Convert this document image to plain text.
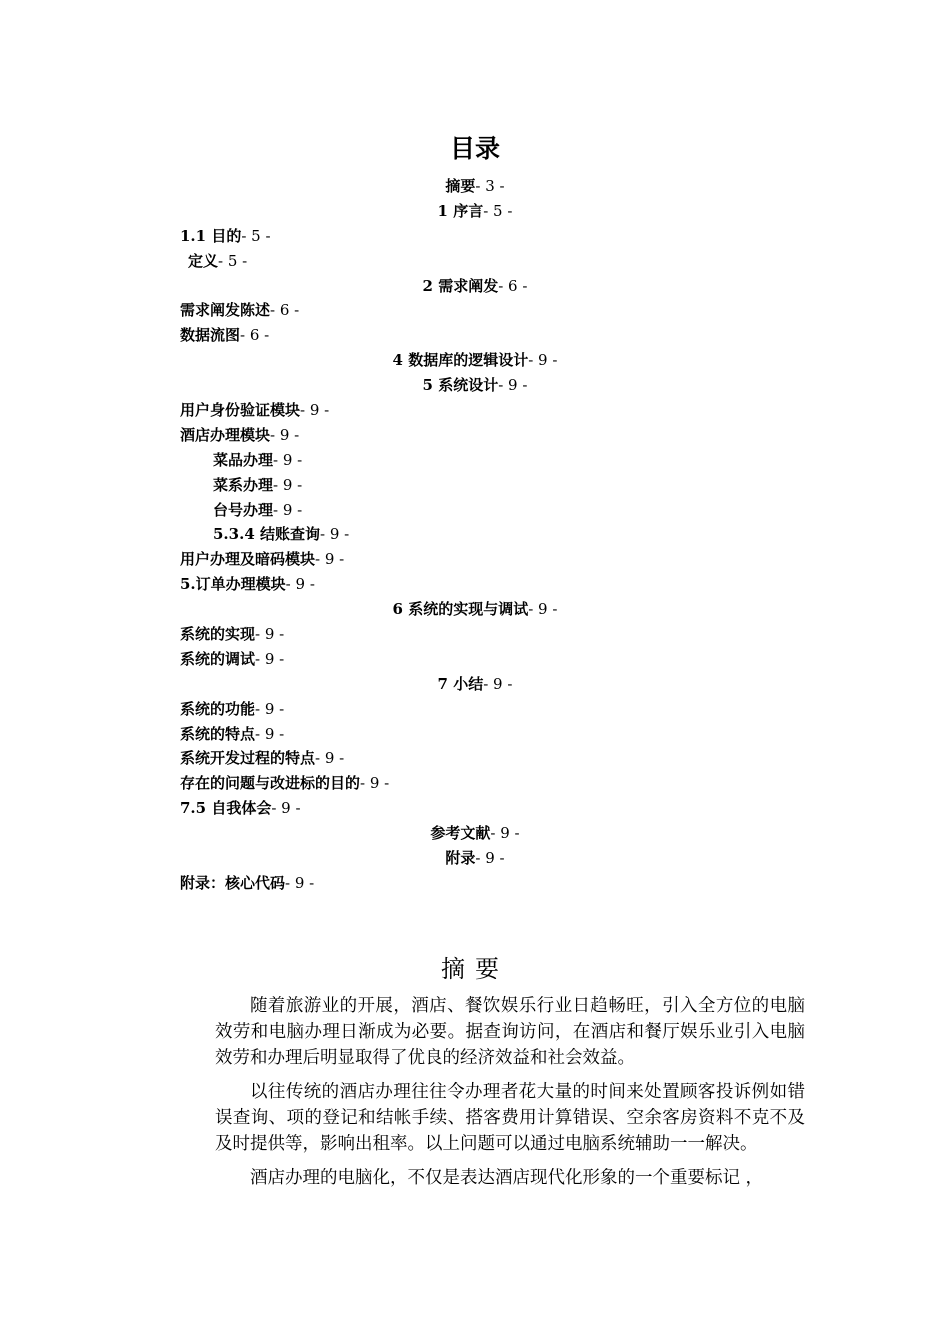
目录
摘要- 3 -
1 序言- 5 -
1.1 目的- 5 -
定义- 5 -
2 需求阐发- 6 -
需求阐发陈述- 6 -
数据流图- 6 -
4 数据库的逻辑设计- 9 -
5 系统设计- 9 -
用户身份验证模块- 9 -
酒店办理模块- 9 -
菜品办理- 9 -
菜系办理- 9 -
台号办理- 9 -
5.3.4 结账查询- 9 -
用户办理及暗码模块- 9 -
5.订单办理模块- 9 -
6 系统的实现与调试- 9 -
系统的实现- 9 -
系统的调试- 9 -
7 小结- 9 -
系统的功能- 9 -
系统的特点- 9 -
系统开发过程的特点- 9 -
存在的问题与改进标的目的- 9 -
7.5 自我体会- 9 -
参考文献- 9 -
附录- 9 -
附录：核心代码- 9 -
摘要

随着旅游业的开展，酒店、餐饮娱乐行业日趋畅旺，引入全方位的电脑效劳和电脑办理日渐成为必要。据查询访问，在酒店和餐厅娱乐业引入电脑效劳和办理后明显取得了优良的经济效益和社会效益。

以往传统的酒店办理往往令办理者花大量的时间来处置顾客投诉例如错误查询、项的登记和结帐手续、搭客费用计算错误、空余客房资料不克不及及时提供等，影响出租率。以上问题可以通过电脑系统辅助一一解决。

酒店办理的电脑化，不仅是表达酒店现代化形象的一个重要标记 ，
